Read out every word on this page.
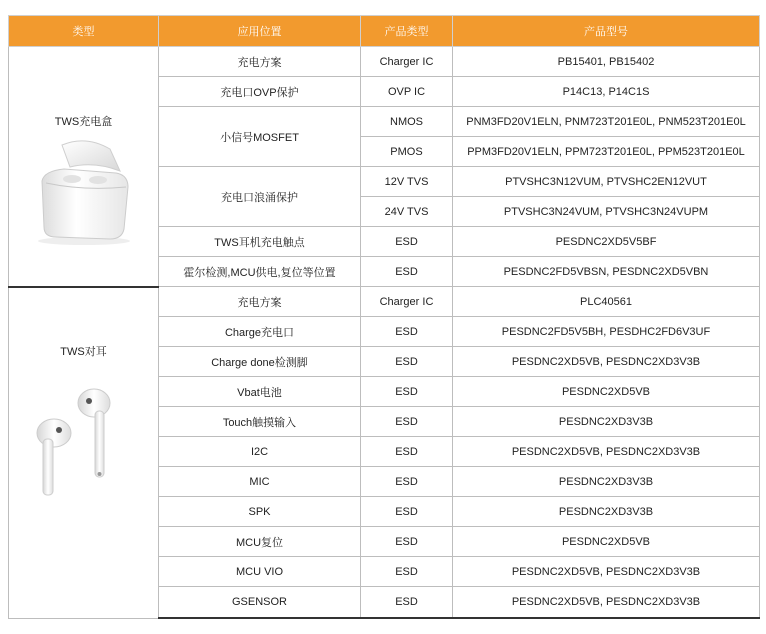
类型	应用位置	产品类型	产品型号

TWS充电盒	充电方案	Charger IC	PB15401, PB15402
	充电口OVP保护	OVP IC	P14C13, P14C1S
	小信号MOSFET	NMOS	PNM3FD20V1ELN, PNM723T201E0L, PNM523T201E0L
		PMOS	PPM3FD20V1ELN, PPM723T201E0L, PPM523T201E0L
	充电口浪涌保护	12V TVS	PTVSHC3N12VUM, PTVSHC2EN12VUT
		24V TVS	PTVSHC3N24VUM, PTVSHC3N24VUPM
	TWS耳机充电触点	ESD	PESDNC2XD5V5BF
	霍尔检测,MCU供电,复位等位置	ESD	PESDNC2FD5VBSN, PESDNC2XD5VBN

TWS对耳	充电方案	Charger IC	PLC40561
	Charge充电口	ESD	PESDNC2FD5V5BH, PESDHC2FD6V3UF
	Charge done检测脚	ESD	PESDNC2XD5VB, PESDNC2XD3V3B
	Vbat电池	ESD	PESDNC2XD5VB
	Touch触摸输入	ESD	PESDNC2XD3V3B
	I2C	ESD	PESDNC2XD5VB, PESDNC2XD3V3B
	MIC	ESD	PESDNC2XD3V3B
	SPK	ESD	PESDNC2XD3V3B
	MCU复位	ESD	PESDNC2XD5VB
	MCU VIO	ESD	PESDNC2XD5VB, PESDNC2XD3V3B
	GSENSOR	ESD	PESDNC2XD5VB, PESDNC2XD3V3B
